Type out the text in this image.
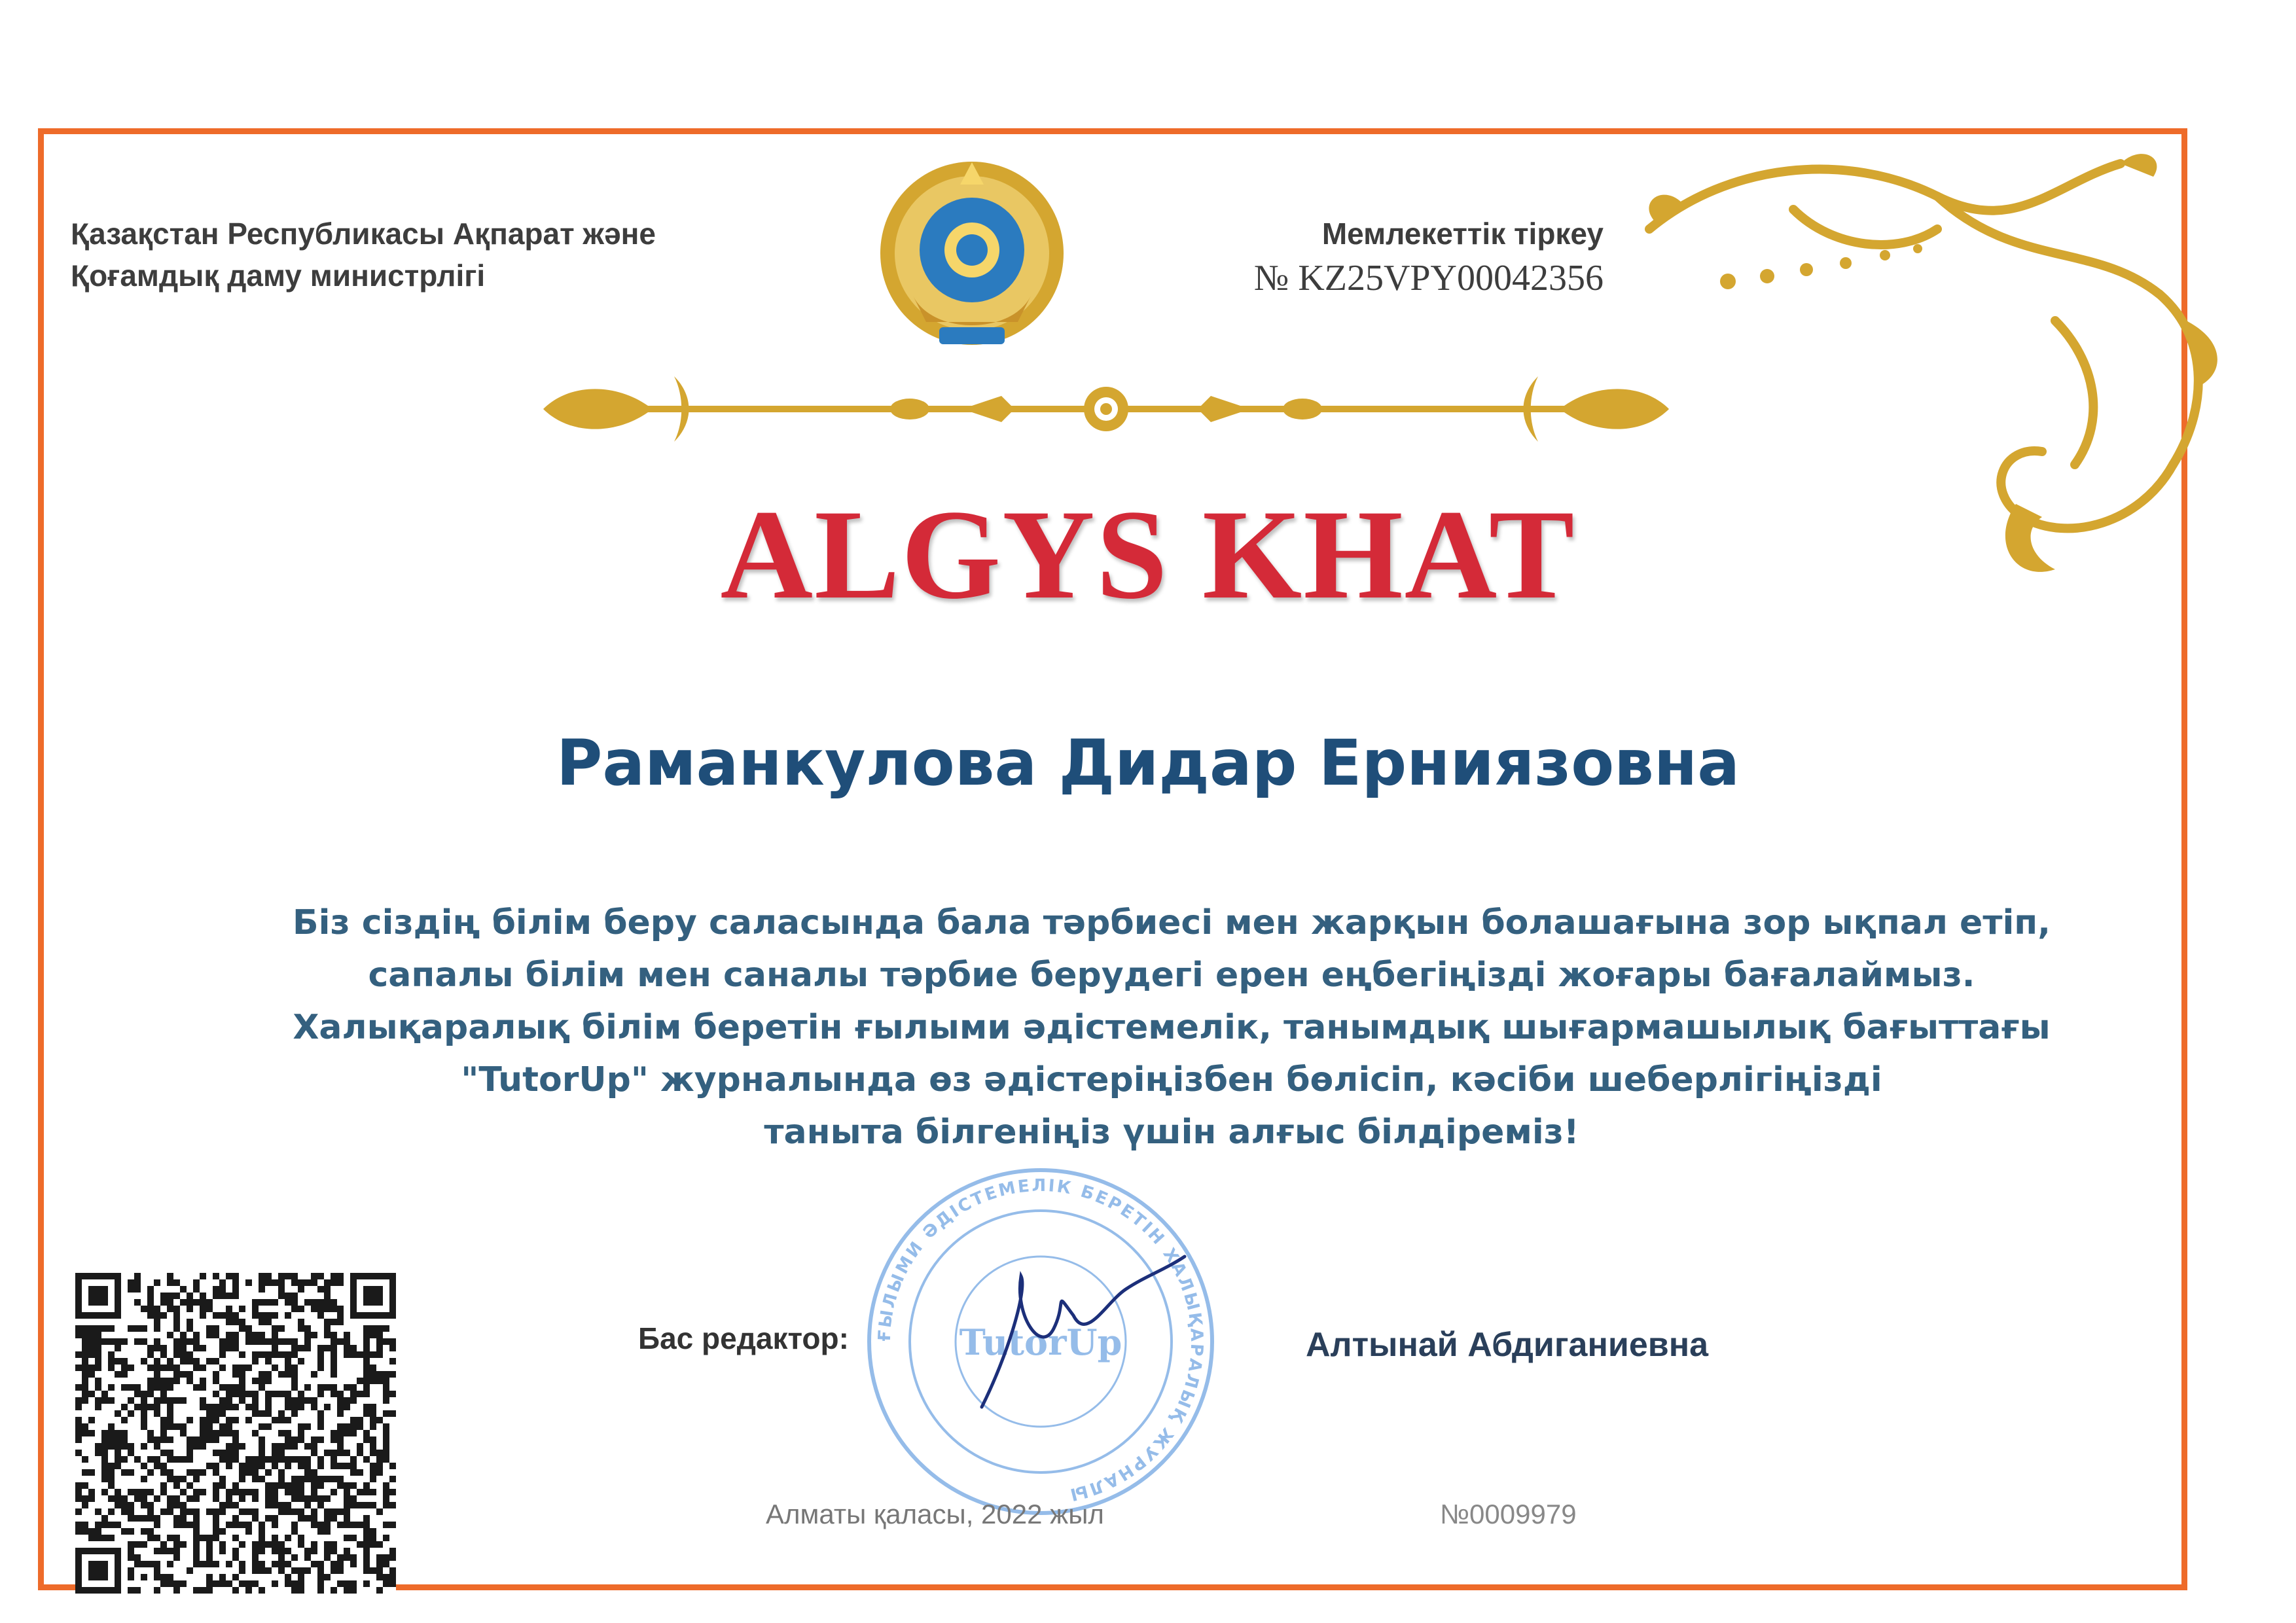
Қазақстан Республикасы Ақпарат және
Қоғамдық даму министрлігі
Мемлекеттік тіркеу
№ KZ25VPY00042356
ALGYS KHAT
Раманкулова Дидар Ерниязовна
Біз сіздің білім беру саласында бала тәрбиесі мен жарқын болашағына зор ықпал етіп,
сапалы білім мен саналы тәрбие берудегі ерен еңбегіңізді жоғары бағалаймыз.
Халықаралық білім беретін ғылыми әдістемелік, танымдық шығармашылық бағыттағы
"TutorUp" журналында өз әдістеріңізбен бөлісіп, кәсіби шеберлігіңізді
таныта білгеніңіз үшін алғыс білдіреміз!
Бас редактор: ҒЫЛЫМИ ӘДІСТЕМЕЛІК БЕРЕТІН ХАЛЫҚАРАЛЫҚ ЖУРНАЛЫ
TutorUp	Алтынай Абдиганиевна
Алматы қаласы, 2022 жыл	№0009979
